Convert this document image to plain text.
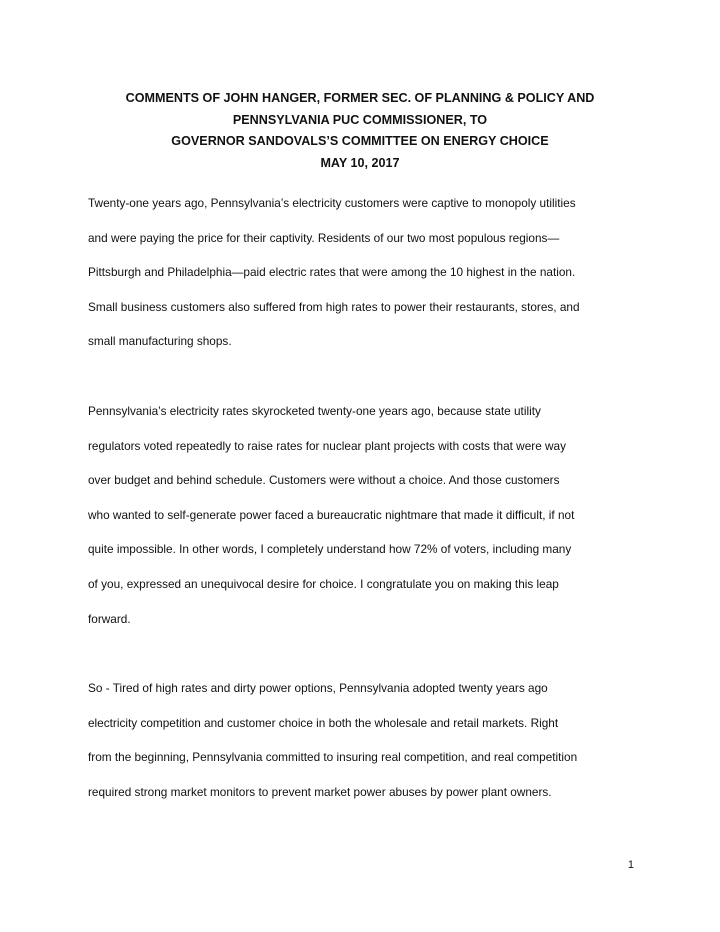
COMMENTS OF JOHN HANGER, FORMER SEC. OF PLANNING & POLICY AND
PENNSYLVANIA PUC COMMISSIONER, TO
GOVERNOR SANDOVALS’S COMMITTEE ON ENERGY CHOICE
MAY 10, 2017
Twenty-one years ago, Pennsylvania’s electricity customers were captive to monopoly utilities
and were paying the price for their captivity. Residents of our two most populous regions—
Pittsburgh and Philadelphia—paid electric rates that were among the 10 highest in the nation.
Small business customers also suffered from high rates to power their restaurants, stores, and
small manufacturing shops.
Pennsylvania’s electricity rates skyrocketed twenty-one years ago, because state utility
regulators voted repeatedly to raise rates for nuclear plant projects with costs that were way
over budget and behind schedule. Customers were without a choice. And those customers
who wanted to self-generate power faced a bureaucratic nightmare that made it difficult, if not
quite impossible. In other words, I completely understand how 72% of voters, including many
of you, expressed an unequivocal desire for choice. I congratulate you on making this leap
forward.
So - Tired of high rates and dirty power options, Pennsylvania adopted twenty years ago
electricity competition and customer choice in both the wholesale and retail markets. Right
from the beginning, Pennsylvania committed to insuring real competition, and real competition
required strong market monitors to prevent market power abuses by power plant owners.
1
